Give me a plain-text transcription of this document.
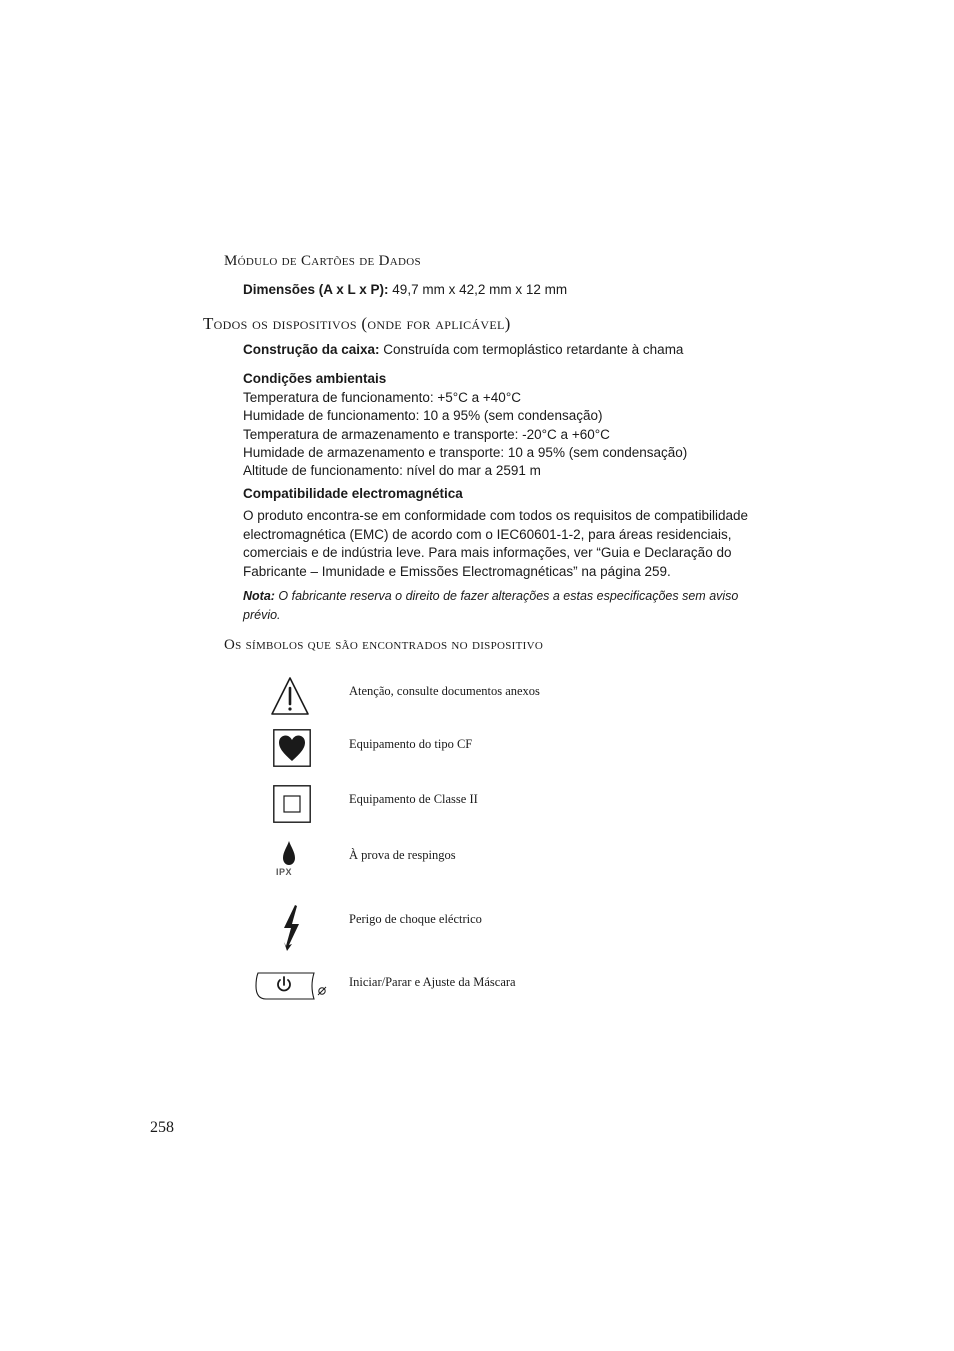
Módulo de Cartões de Dados
Dimensões (A x L x P): 49,7 mm x 42,2 mm x 12 mm
Todos os dispositivos (onde for aplicável)
Construção da caixa: Construída com termoplástico retardante à chama
Condições ambientais
Temperatura de funcionamento: +5°C a +40°C
Humidade de funcionamento: 10 a 95% (sem condensação)
Temperatura de armazenamento e transporte: -20°C a +60°C
Humidade de armazenamento e transporte: 10 a 95% (sem condensação)
Altitude de funcionamento: nível do mar a 2591 m
Compatibilidade electromagnética
O produto encontra-se em conformidade com todos os requisitos de compatibilidade electromagnética (EMC) de acordo com o IEC60601-1-2, para áreas residenciais, comerciais e de indústria leve. Para mais informações, ver “Guia e Declaração do Fabricante – Imunidade e Emissões Electromagnéticas” na página 259.
Nota: O fabricante reserva o direito de fazer alterações a estas especificações sem aviso prévio.
Os símbolos que são encontrados no dispositivo
Atenção, consulte documentos anexos
Equipamento do tipo CF
Equipamento de Classe II
IPX
À prova de respingos
Perigo de choque eléctrico
Iniciar/Parar e Ajuste da Máscara
258
